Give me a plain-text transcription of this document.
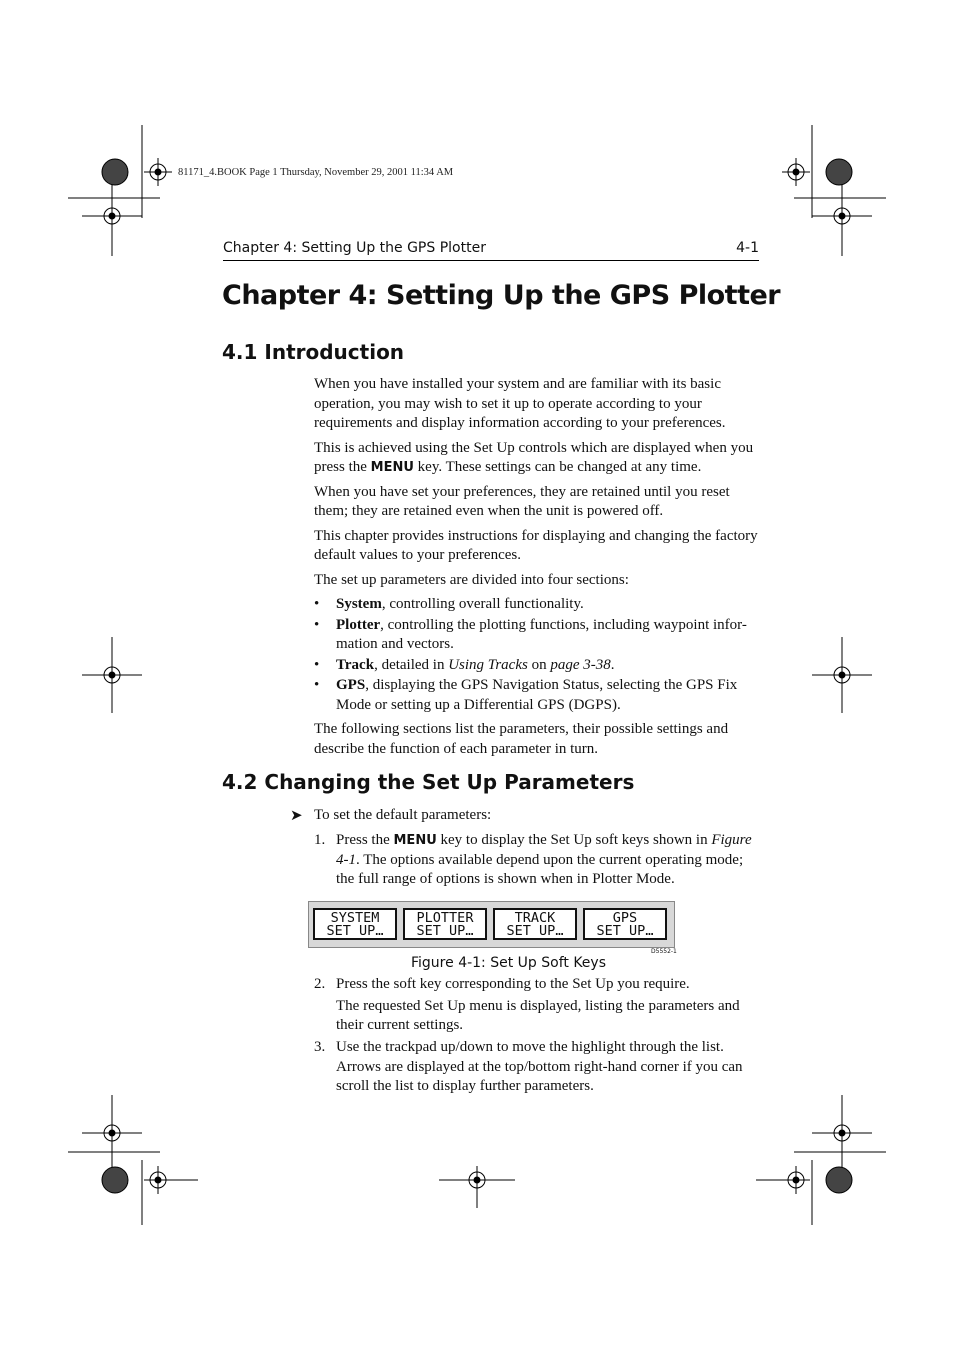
81171_4.BOOK Page 1 Thursday, November 29, 2001 11:34 AM
Chapter 4: Setting Up the GPS Plotter	4-1
Chapter 4: Setting Up the GPS Plotter
4.1 Introduction

When you have installed your system and are familiar with its basic operation, you may wish to set it up to operate according to your requirements and display information according to your preferences.

This is achieved using the Set Up controls which are displayed when you press the MENU key. These settings can be changed at any time.

When you have set your preferences, they are retained until you reset them; they are retained even when the unit is powered off.

This chapter provides instructions for displaying and changing the factory default values to your preferences.

The set up parameters are divided into four sections:

• System, controlling overall functionality.
• Plotter, controlling the plotting functions, including waypoint infor-mation and vectors.
• Track, detailed in Using Tracks on page 3-38.
• GPS, displaying the GPS Navigation Status, selecting the GPS Fix Mode or setting up a Differential GPS (DGPS).

The following sections list the parameters, their possible settings and describe the function of each parameter in turn.

4.2 Changing the Set Up Parameters
➤ To set the default parameters:
1. Press the MENU key to display the Set Up soft keys shown in Figure 4-1. The options available depend upon the current operating mode; the full range of options is shown when in Plotter Mode.
SYSTEM
SET UP…
PLOTTER
SET UP…
TRACK
SET UP…
GPS
SET UP…
D5552-1
Figure 4-1: Set Up Soft Keys
2. Press the soft key corresponding to the Set Up you require.

The requested Set Up menu is displayed, listing the parameters and their current settings.
3. Use the trackpad up/down to move the highlight through the list. Arrows are displayed at the top/bottom right-hand corner if you can scroll the list to display further parameters.
